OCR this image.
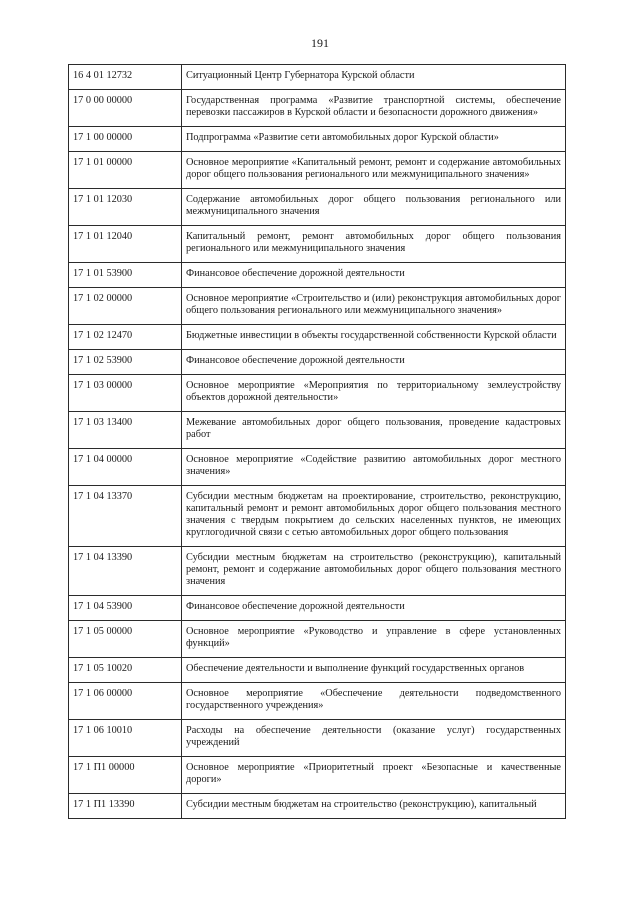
191
16 4 01 12732	Ситуационный Центр Губернатора Курской области
17 0 00 00000	Государственная программа «Развитие транспортной системы, обеспечение перевозки пассажиров в Курской области и безопасности дорожного движения»
17 1 00 00000	Подпрограмма «Развитие сети автомобильных дорог Курской области»
17 1 01 00000	Основное мероприятие «Капитальный ремонт, ремонт и содержание автомобильных дорог общего пользования регионального или межмуниципального значения»
17 1 01 12030	Содержание автомобильных дорог общего пользования регионального или межмуниципального значения
17 1 01 12040	Капитальный ремонт, ремонт автомобильных дорог общего пользования регионального или межмуниципального значения
17 1 01 53900	Финансовое обеспечение дорожной деятельности
17 1 02 00000	Основное мероприятие «Строительство и (или) реконструкция автомобильных дорог общего пользования регионального или межмуниципального значения»
17 1 02 12470	Бюджетные инвестиции в объекты государственной собственности Курской области
17 1 02 53900	Финансовое обеспечение дорожной деятельности
17 1 03 00000	Основное мероприятие «Мероприятия по территориальному землеустройству объектов дорожной деятельности»
17 1 03 13400	Межевание автомобильных дорог общего пользования, проведение кадастровых работ
17 1 04 00000	Основное мероприятие «Содействие развитию автомобильных дорог местного значения»
17 1 04 13370	Субсидии местным бюджетам на проектирование, строительство, реконструкцию, капитальный ремонт и ремонт автомобильных дорог общего пользования местного значения с твердым покрытием до сельских населенных пунктов, не имеющих круглогодичной связи с сетью автомобильных дорог общего пользования
17 1 04 13390	Субсидии местным бюджетам на строительство (реконструкцию), капитальный ремонт, ремонт и содержание автомобильных дорог общего пользования местного значения
17 1 04 53900	Финансовое обеспечение дорожной деятельности
17 1 05 00000	Основное мероприятие «Руководство и управление в сфере установленных функций»
17 1 05 10020	Обеспечение деятельности и выполнение функций государственных органов
17 1 06 00000	Основное мероприятие «Обеспечение деятельности подведомственного государственного учреждения»
17 1 06 10010	Расходы на обеспечение деятельности (оказание услуг) государственных учреждений
17 1 П1 00000	Основное мероприятие «Приоритетный проект «Безопасные и качественные дороги»
17 1 П1 13390	Субсидии местным бюджетам на строительство (реконструкцию), капитальный
